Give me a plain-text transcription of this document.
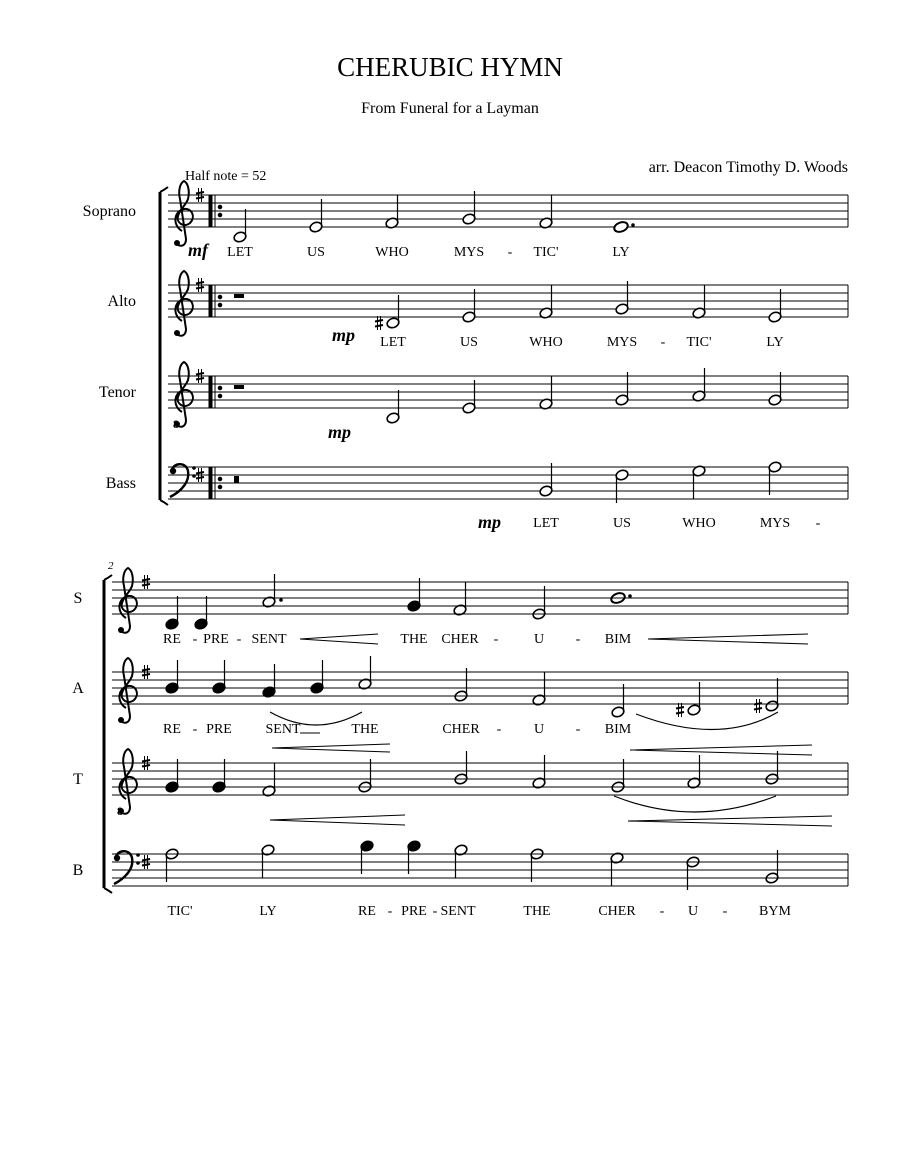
CHERUBIC HYMN
From Funeral for a Layman
arr. Deacon Timothy D. Woods
Half note = 52
Soprano
Alto
Tenor
Bass
8
mf
mp
mp
mp
LET	US	WHO	MYS - TIC'	LY
LET	US	WHO	MYS - TIC'	LY
LET	US	WHO	MYS -
2
S
A
T
B
8
RE - PRE - SENT	THE CHER -	U - BIM
RE - PRE SENT	THE	CHER - U - BIM
TIC'	LY	RE - PRE - SENT	THE	CHER - U - BYM
